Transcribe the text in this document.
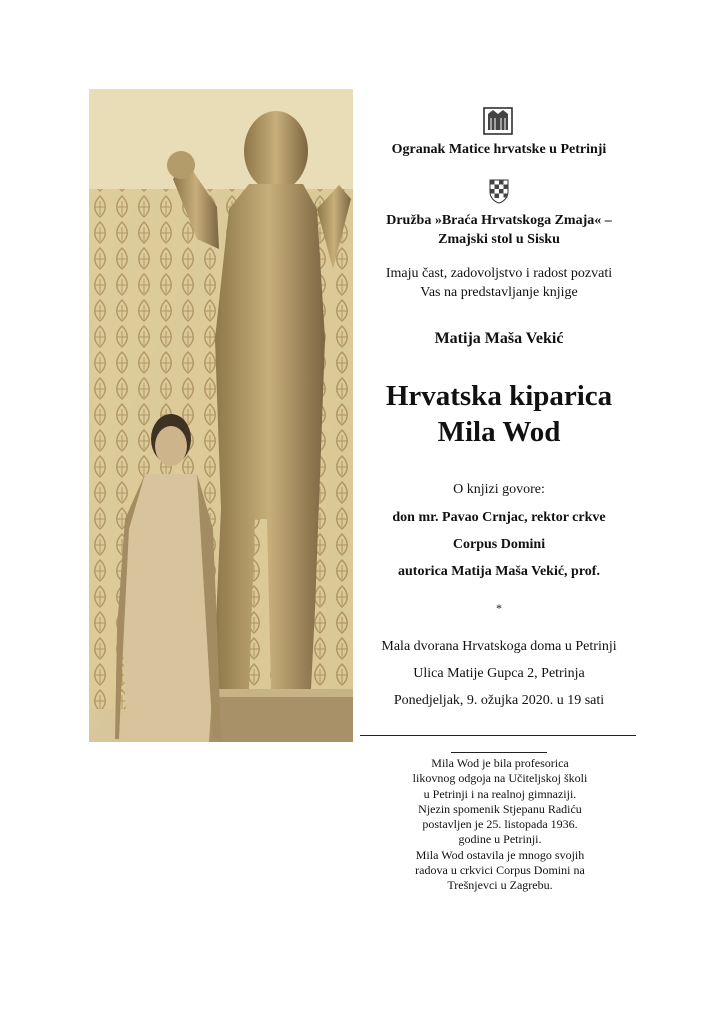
Ogranak Matice hrvatske u Petrinji
Družba »Braća Hrvatskoga Zmaja« –
Zmajski stol u Sisku
Imaju čast, zadovoljstvo i radost pozvati
Vas na predstavljanje knjige
Matija Maša Vekić
Hrvatska kiparica
Mila Wod
O knjizi govore:
don mr. Pavao Crnjac, rektor crkve
Corpus Domini
autorica Matija Maša Vekić, prof.
*
Mala dvorana Hrvatskoga doma u Petrinji
Ulica Matije Gupca 2, Petrinja
Ponedjeljak, 9. ožujka 2020. u 19 sati
Mila Wod je bila profesorica
likovnog odgoja na Učiteljskoj školi
u Petrinji i na realnoj gimnaziji.
Njezin spomenik Stjepanu Radiću
postavljen je 25. listopada 1936.
godine u Petrinji.
Mila Wod ostavila je mnogo svojih
radova u crkvici Corpus Domini na
Trešnjevci u Zagrebu.
